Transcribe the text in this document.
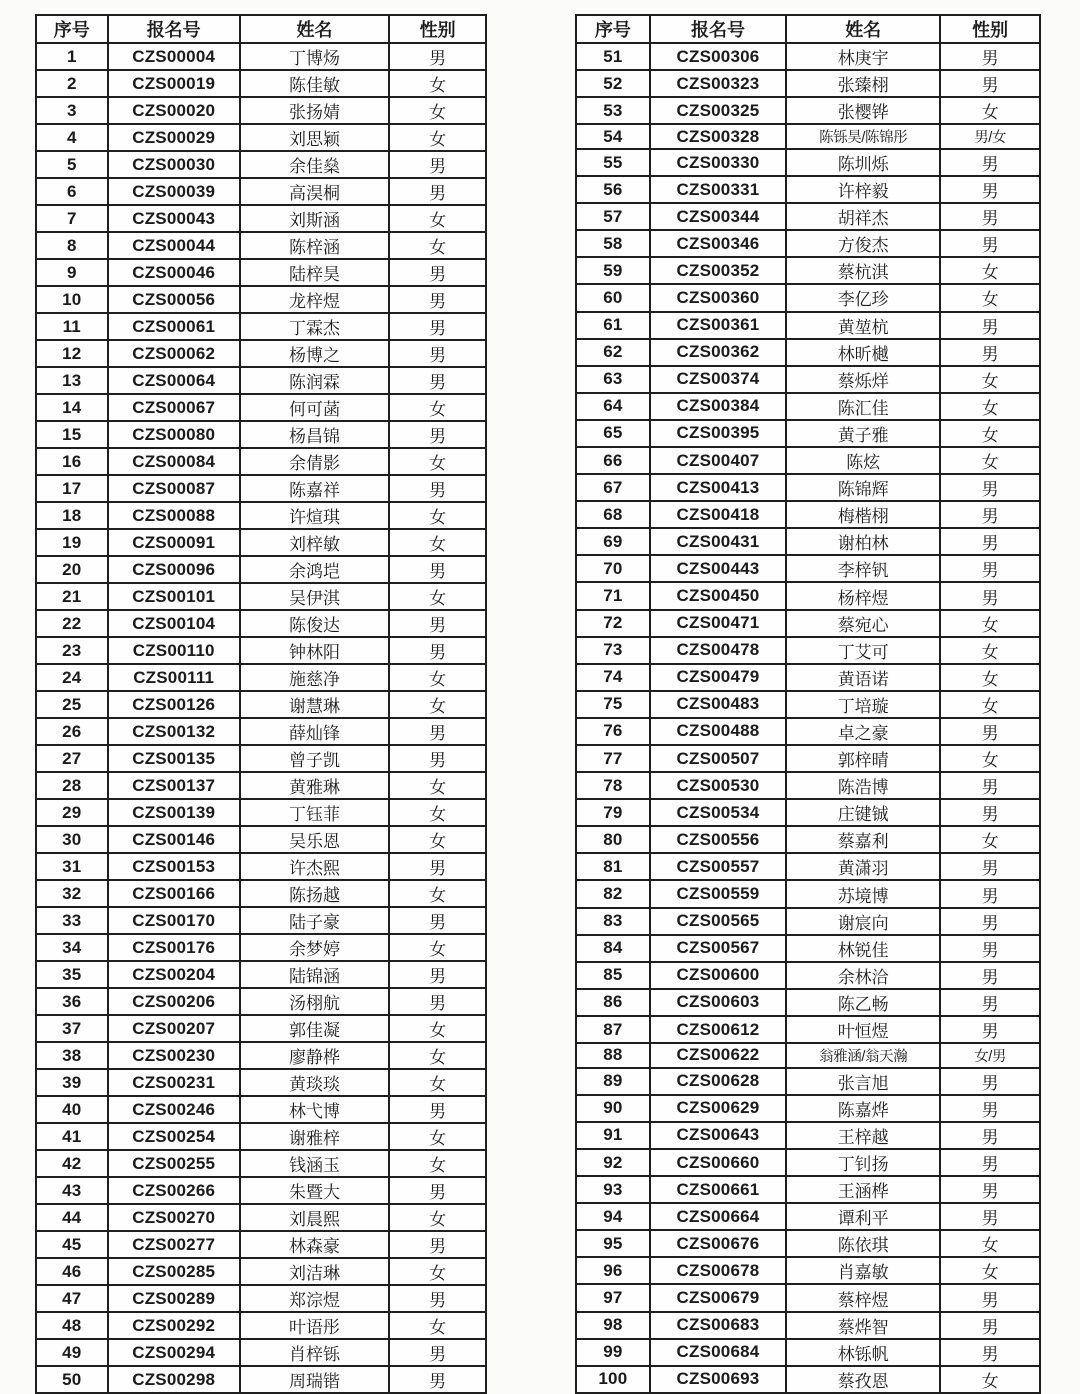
序号	报名号	姓名	性别
1	CZS00004	丁博炀	男
2	CZS00019	陈佳敏	女
3	CZS00020	张扬婧	女
4	CZS00029	刘思颖	女
5	CZS00030	余佳燊	男
6	CZS00039	高淏桐	男
7	CZS00043	刘斯涵	女
8	CZS00044	陈梓涵	女
9	CZS00046	陆梓昊	男
10	CZS00056	龙梓煜	男
11	CZS00061	丁霖杰	男
12	CZS00062	杨博之	男
13	CZS00064	陈润霖	男
14	CZS00067	何可菡	女
15	CZS00080	杨昌锦	男
16	CZS00084	余倩影	女
17	CZS00087	陈嘉祥	男
18	CZS00088	许煊琪	女
19	CZS00091	刘梓敏	女
20	CZS00096	余鸿垲	男
21	CZS00101	吴伊淇	女
22	CZS00104	陈俊达	男
23	CZS00110	钟林阳	男
24	CZS00111	施慈净	女
25	CZS00126	谢慧琳	女
26	CZS00132	薛灿锋	男
27	CZS00135	曾子凯	男
28	CZS00137	黄雅琳	女
29	CZS00139	丁钰菲	女
30	CZS00146	吴乐恩	女
31	CZS00153	许杰熙	男
32	CZS00166	陈扬越	女
33	CZS00170	陆子豪	男
34	CZS00176	余梦婷	女
35	CZS00204	陆锦涵	男
36	CZS00206	汤栩航	男
37	CZS00207	郭佳凝	女
38	CZS00230	廖静桦	女
39	CZS00231	黄琰琰	女
40	CZS00246	林弋博	男
41	CZS00254	谢雅梓	女
42	CZS00255	钱涵玉	女
43	CZS00266	朱暨大	男
44	CZS00270	刘晨熙	女
45	CZS00277	林森豪	男
46	CZS00285	刘洁琳	女
47	CZS00289	郑淙煜	男
48	CZS00292	叶语彤	女
49	CZS00294	肖梓铄	男
50	CZS00298	周瑞锴	男
序号	报名号	姓名	性别
51	CZS00306	林庚宇	男
52	CZS00323	张臻栩	男
53	CZS00325	张樱铧	女
54	CZS00328	陈铄昊/陈锦彤	男/女
55	CZS00330	陈圳烁	男
56	CZS00331	许梓毅	男
57	CZS00344	胡祥杰	男
58	CZS00346	方俊杰	男
59	CZS00352	蔡杭淇	女
60	CZS00360	李亿珍	女
61	CZS00361	黄堃杭	男
62	CZS00362	林昕樾	男
63	CZS00374	蔡烁烊	女
64	CZS00384	陈汇佳	女
65	CZS00395	黄子雅	女
66	CZS00407	陈炫	女
67	CZS00413	陈锦辉	男
68	CZS00418	梅楷栩	男
69	CZS00431	谢柏林	男
70	CZS00443	李梓钒	男
71	CZS00450	杨梓煜	男
72	CZS00471	蔡宛心	女
73	CZS00478	丁艾可	女
74	CZS00479	黄语诺	女
75	CZS00483	丁培璇	女
76	CZS00488	卓之豪	男
77	CZS00507	郭梓晴	女
78	CZS00530	陈浩博	男
79	CZS00534	庄键铖	男
80	CZS00556	蔡嘉利	女
81	CZS00557	黄潇羽	男
82	CZS00559	苏境博	男
83	CZS00565	谢宸向	男
84	CZS00567	林锐佳	男
85	CZS00600	余林洽	男
86	CZS00603	陈乙畅	男
87	CZS00612	叶恒煜	男
88	CZS00622	翁雅涵/翁天瀚	女/男
89	CZS00628	张言旭	男
90	CZS00629	陈嘉烨	男
91	CZS00643	王梓越	男
92	CZS00660	丁钊扬	男
93	CZS00661	王涵桦	男
94	CZS00664	谭利平	男
95	CZS00676	陈依琪	女
96	CZS00678	肖嘉敏	女
97	CZS00679	蔡梓煜	男
98	CZS00683	蔡烨智	男
99	CZS00684	林铄帆	男
100	CZS00693	蔡孜恩	女
